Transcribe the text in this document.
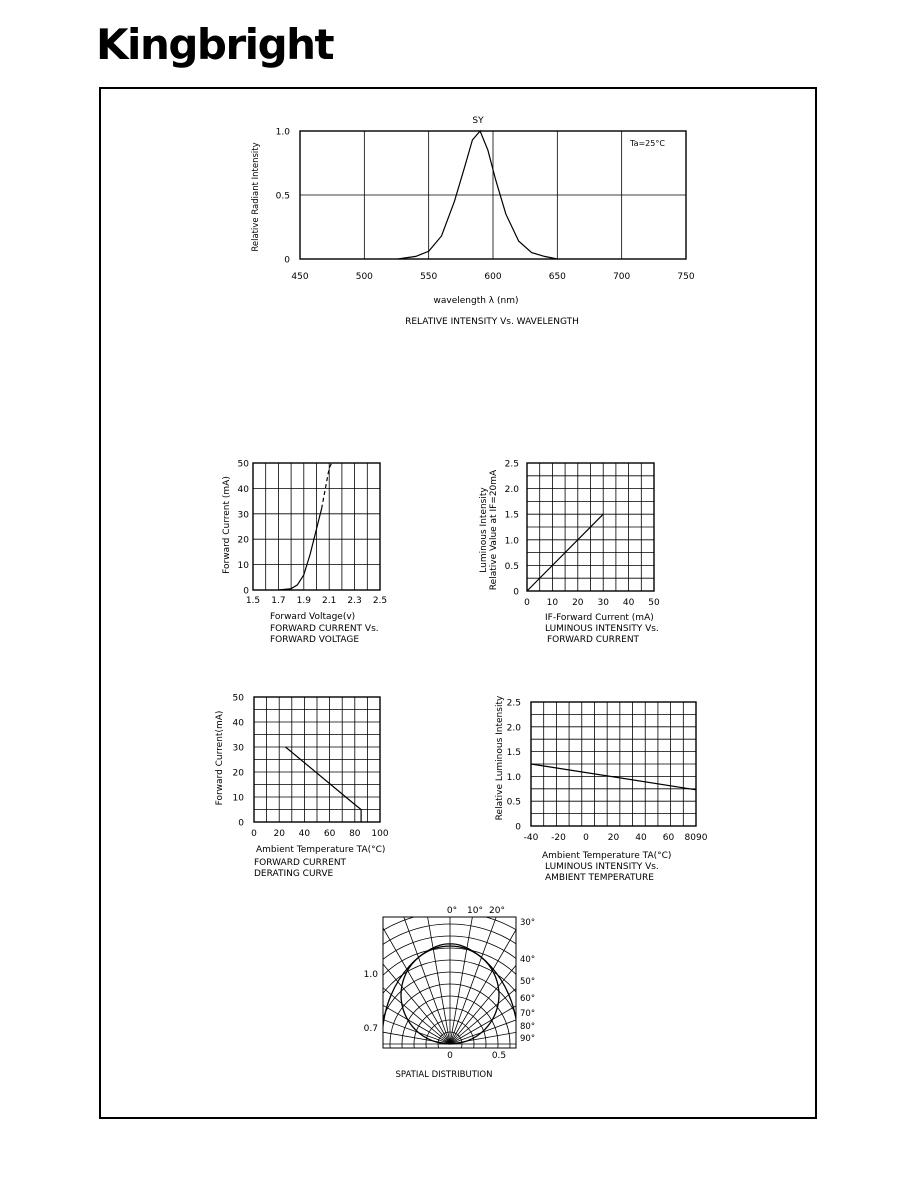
Kingbright
SY
Ta=25°C
450	500	550	600	650	700	750
1.0
0.5
0
wavelength λ (nm)
Relative Radiant Intensity
RELATIVE INTENSITY Vs. WAVELENGTH
1.5 1.7 1.9 2.1 2.3 2.5
50
40
30
20
10
0
Forward Voltage(v)
Forward Current (mA)
FORWARD CURRENT Vs.
FORWARD VOLTAGE
0 10 20 30 40 50
2.5
2.0
1.5
1.0
0.5
0
IF-Forward Current (mA)
Luminous Intensity Relative Value at IF=20mA
LUMINOUS INTENSITY Vs.
FORWARD CURRENT
0 20 40 60 80 100
50
40
30
20
10
0
Ambient Temperature TA(°C)
Forward Current(mA)
FORWARD CURRENT
DERATING CURVE
-40 -20 0 20 40 60 8090
2.5
2.0
1.5
1.0
0.5
0
Ambient Temperature TA(°C)
Relative Luminous Intensity
LUMINOUS INTENSITY Vs.
AMBIENT TEMPERATURE
0° 10° 20°
30°
40°
50°
60°
70°
80°
90°
1.0
0.7
0	0.5
SPATIAL DISTRIBUTION
